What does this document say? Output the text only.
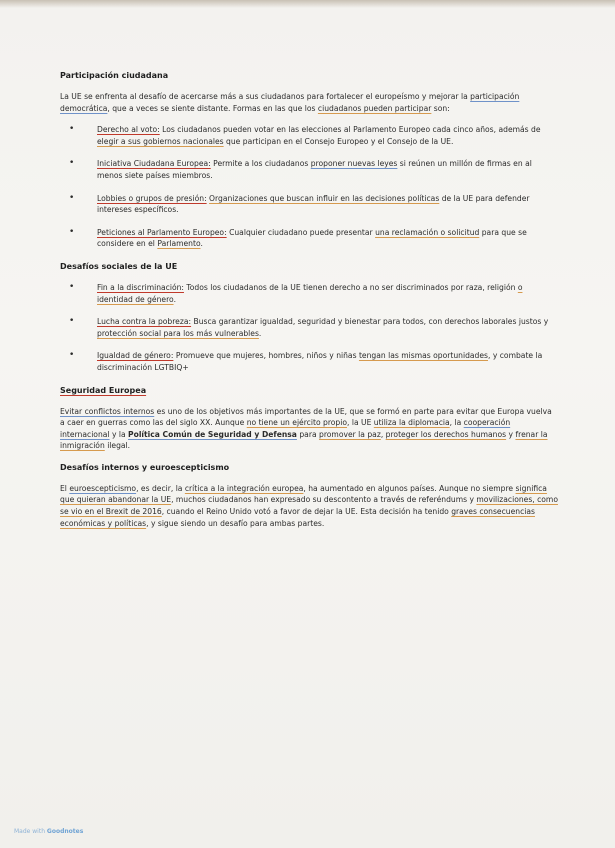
Participación ciudadana

La UE se enfrenta al desafío de acercarse más a sus ciudadanos para fortalecer el europeísmo y mejorar la participación democrática, que a veces se siente distante. Formas en las que los ciudadanos pueden participar son:

•	Derecho al voto: Los ciudadanos pueden votar en las elecciones al Parlamento Europeo cada cinco años, además de elegir a sus gobiernos nacionales que participan en el Consejo Europeo y el Consejo de la UE.
•	Iniciativa Ciudadana Europea: Permite a los ciudadanos proponer nuevas leyes si reúnen un millón de firmas en al menos siete países miembros.
•	Lobbies o grupos de presión: Organizaciones que buscan influir en las decisiones políticas de la UE para defender intereses específicos.
•	Peticiones al Parlamento Europeo: Cualquier ciudadano puede presentar una reclamación o solicitud para que se considere en el Parlamento.
Desafíos sociales de la UE
•	Fin a la discriminación: Todos los ciudadanos de la UE tienen derecho a no ser discriminados por raza, religión o identidad de género.
•	Lucha contra la pobreza: Busca garantizar igualdad, seguridad y bienestar para todos, con derechos laborales justos y protección social para los más vulnerables.
•	Igualdad de género: Promueve que mujeres, hombres, niños y niñas tengan las mismas oportunidades, y combate la discriminación LGTBIQ+
Seguridad Europea

Evitar conflictos internos es uno de los objetivos más importantes de la UE, que se formó en parte para evitar que Europa vuelva a caer en guerras como las del siglo XX. Aunque no tiene un ejército propio, la UE utiliza la diplomacia, la cooperación internacional y la Política Común de Seguridad y Defensa para promover la paz, proteger los derechos humanos y frenar la inmigración ilegal.

Desafíos internos y euroescepticismo

El euroescepticismo, es decir, la crítica a la integración europea, ha aumentado en algunos países. Aunque no siempre significa que quieran abandonar la UE, muchos ciudadanos han expresado su descontento a través de referéndums y movilizaciones, como se vio en el Brexit de 2016, cuando el Reino Unido votó a favor de dejar la UE. Esta decisión ha tenido graves consecuencias económicas y políticas, y sigue siendo un desafío para ambas partes.

Made with Goodnotes
